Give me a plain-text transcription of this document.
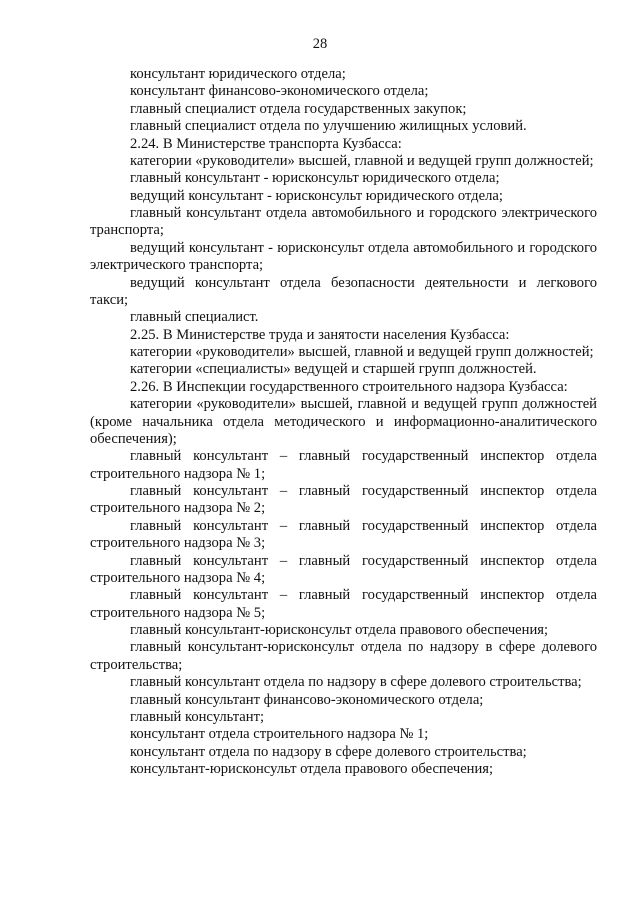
28

консультант юридического отдела;

консультант финансово-экономического отдела;

главный специалист отдела государственных закупок;

главный специалист отдела по улучшению жилищных условий.

2.24. В Министерстве транспорта Кузбасса:

категории «руководители» высшей, главной и ведущей групп должностей;

главный консультант - юрисконсульт юридического отдела;

ведущий консультант - юрисконсульт юридического отдела;

главный консультант отдела автомобильного и городского электрического транспорта;

ведущий консультант - юрисконсульт отдела автомобильного и городского электрического транспорта;

ведущий консультант отдела безопасности деятельности и легкового такси;

главный специалист.

2.25. В Министерстве труда и занятости населения Кузбасса:

категории «руководители» высшей, главной и ведущей групп должностей;

категории «специалисты» ведущей и старшей групп должностей.

2.26. В Инспекции государственного строительного надзора Кузбасса:

категории «руководители» высшей, главной и ведущей групп должностей (кроме начальника отдела методического и информационно-аналитического обеспечения);

главный консультант – главный государственный инспектор отдела строительного надзора № 1;

главный консультант – главный государственный инспектор отдела строительного надзора № 2;

главный консультант – главный государственный инспектор отдела строительного надзора № 3;

главный консультант – главный государственный инспектор отдела строительного надзора № 4;

главный консультант – главный государственный инспектор отдела строительного надзора № 5;

главный консультант-юрисконсульт отдела правового обеспечения;

главный консультант-юрисконсульт отдела по надзору в сфере долевого строительства;

главный консультант отдела по надзору в сфере долевого строительства;

главный консультант финансово-экономического отдела;

главный консультант;

консультант отдела строительного надзора № 1;

консультант отдела по надзору в сфере долевого строительства;

консультант-юрисконсульт отдела правового обеспечения;
